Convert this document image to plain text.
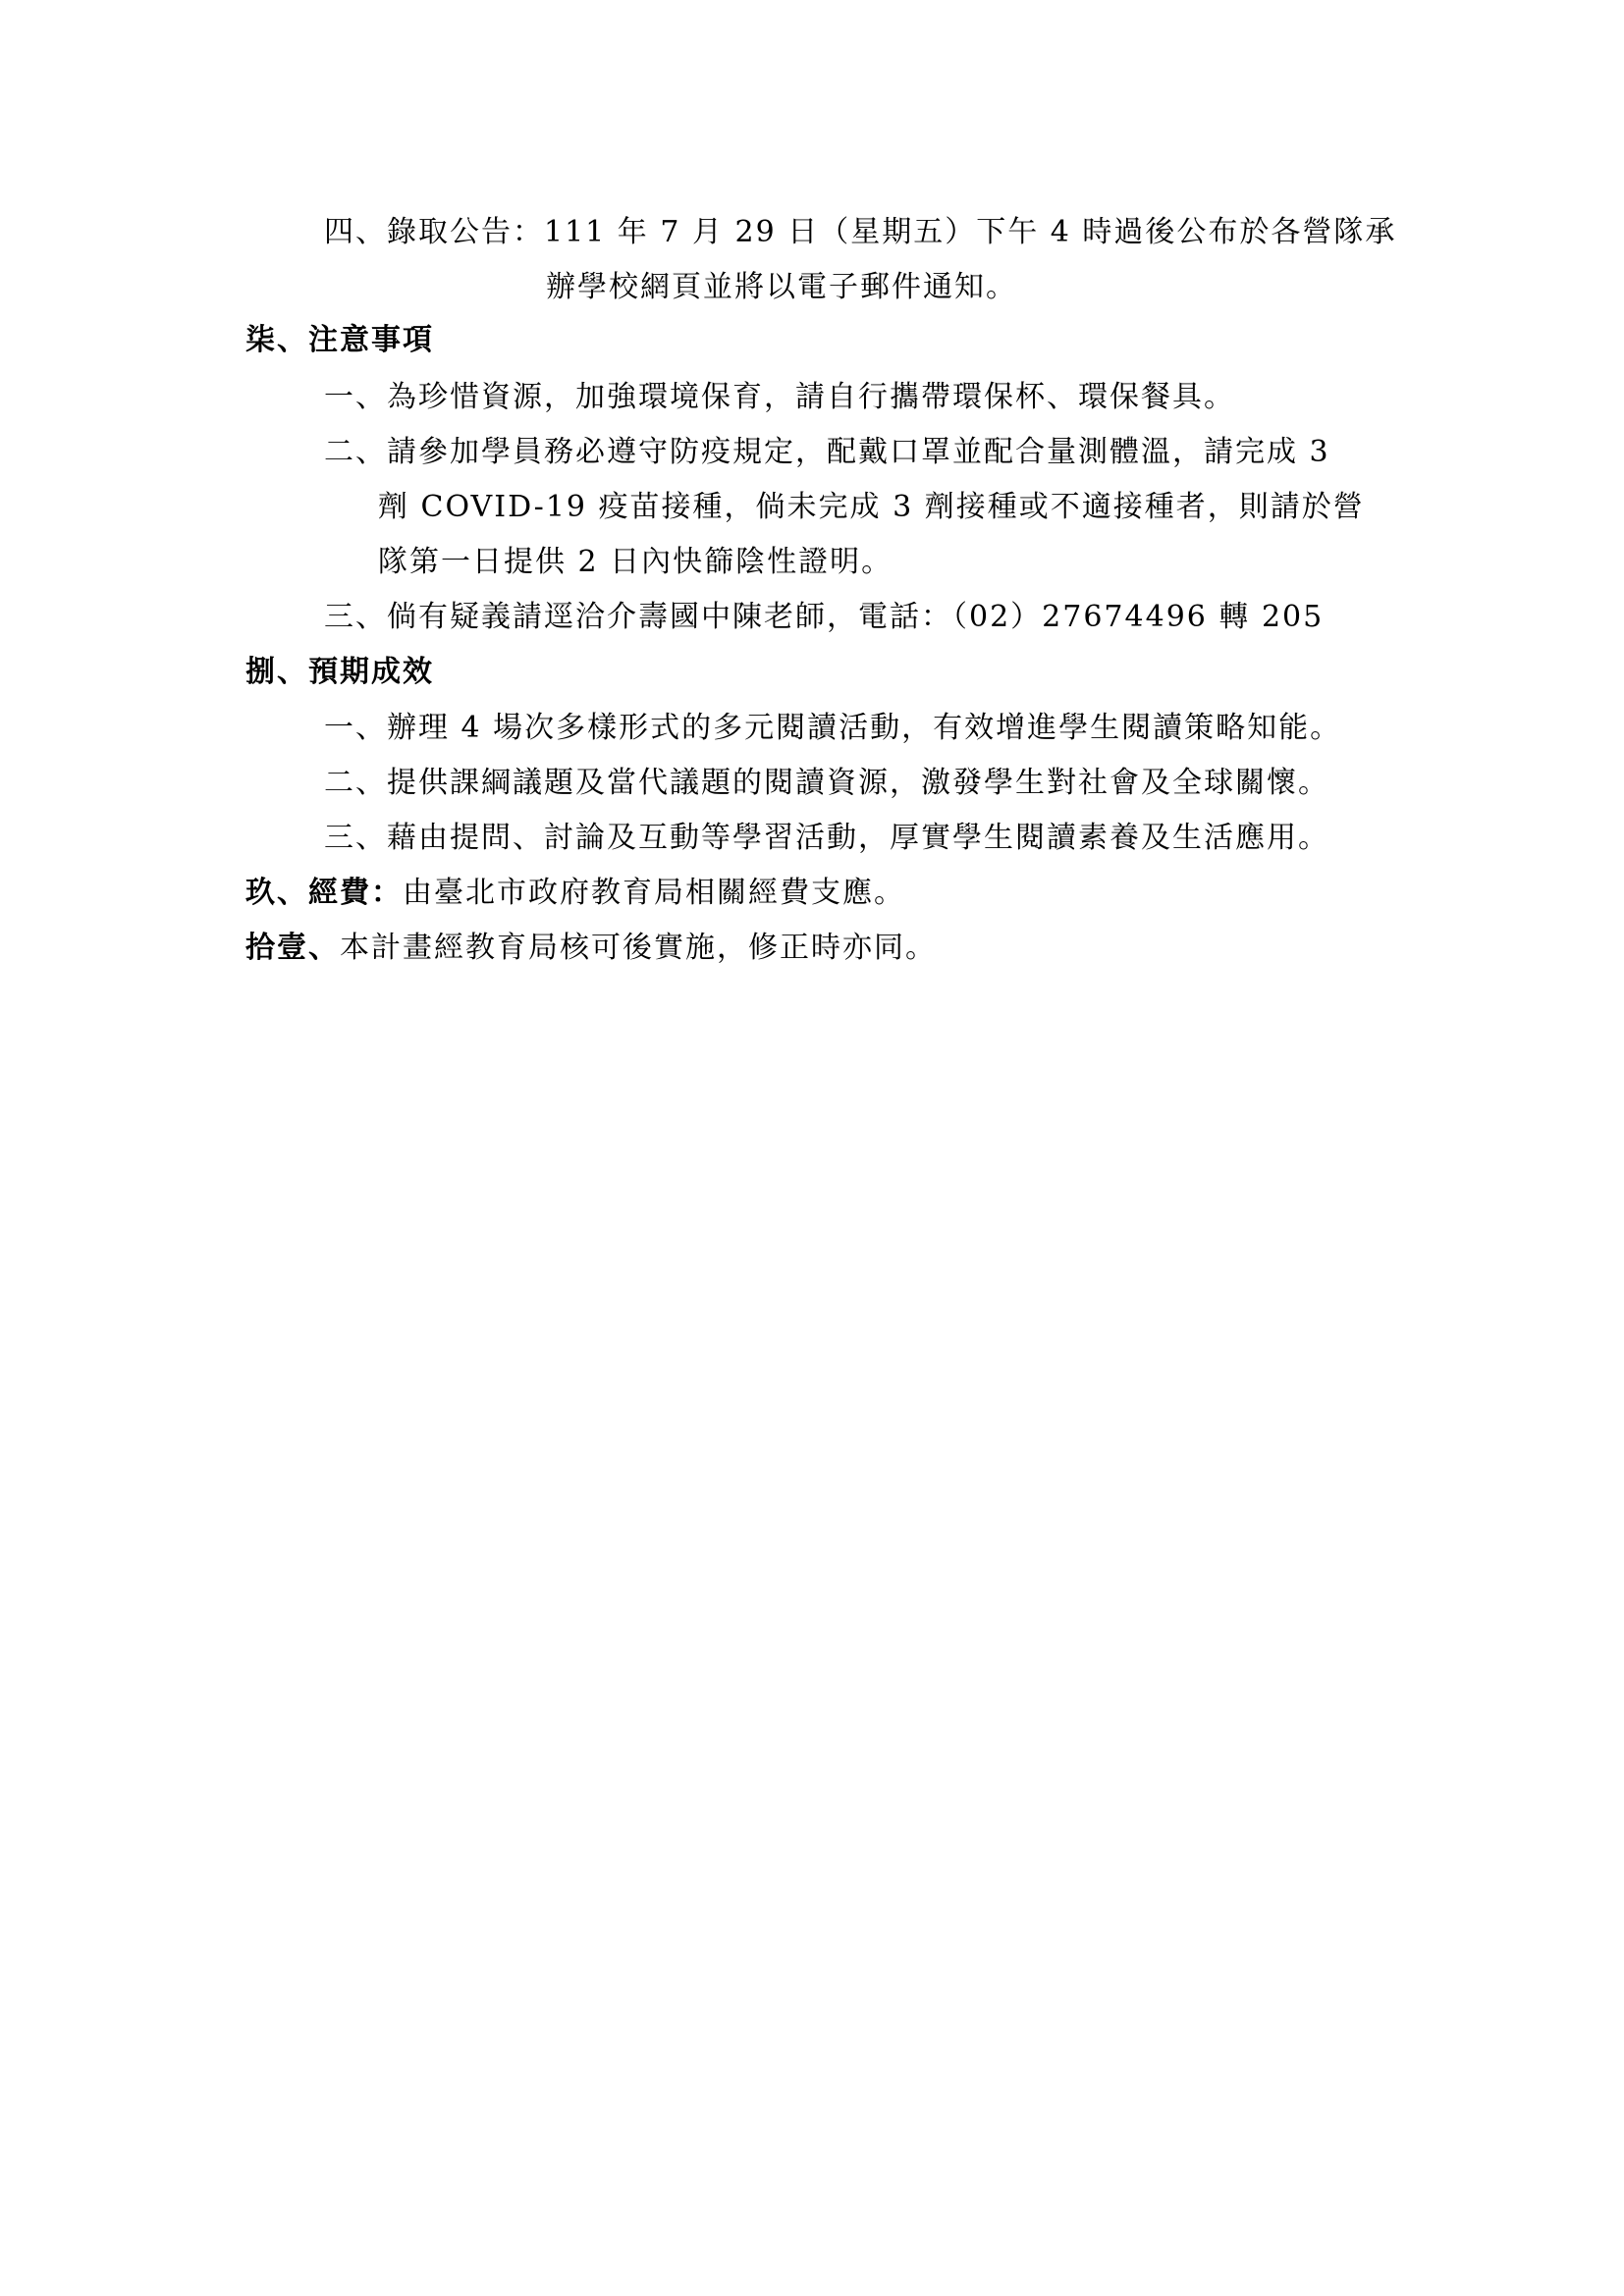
四、錄取公告：111 年 7 月 29 日（星期五）下午 4 時過後公布於各營隊承
辦學校網頁並將以電子郵件通知。
柒、注意事項
一、為珍惜資源，加強環境保育，請自行攜帶環保杯、環保餐具。
二、請參加學員務必遵守防疫規定，配戴口罩並配合量測體溫，請完成 3
劑 COVID-19 疫苗接種，倘未完成 3 劑接種或不適接種者，則請於營
隊第一日提供 2 日內快篩陰性證明。
三、倘有疑義請逕洽介壽國中陳老師，電話：（02）27674496 轉 205
捌、預期成效
一、辦理 4 場次多樣形式的多元閱讀活動，有效增進學生閱讀策略知能。
二、提供課綱議題及當代議題的閱讀資源，激發學生對社會及全球關懷。
三、藉由提問、討論及互動等學習活動，厚實學生閱讀素養及生活應用。
玖、經費：由臺北市政府教育局相關經費支應。
拾壹、本計畫經教育局核可後實施，修正時亦同。
